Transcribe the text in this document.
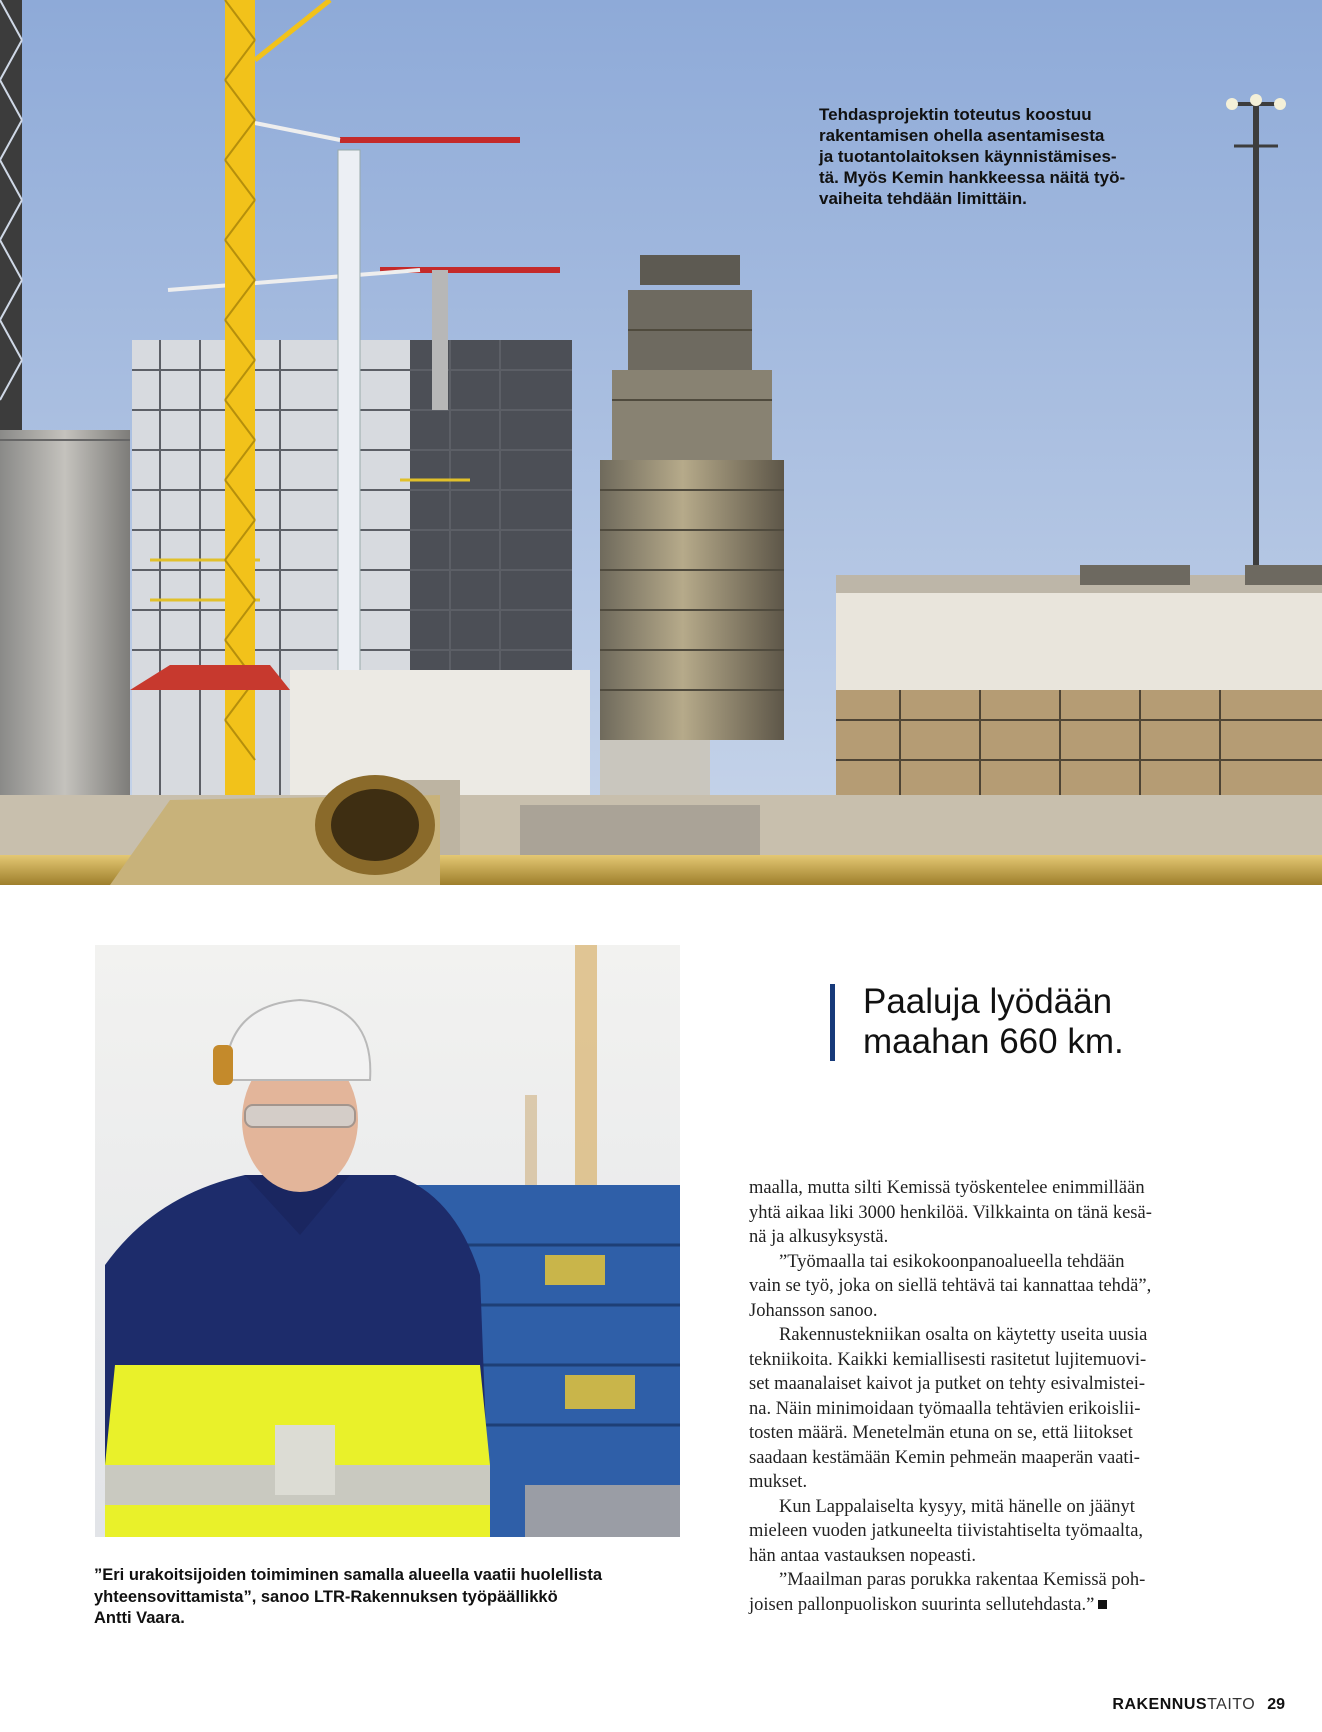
Tehdasprojektin toteutus koostuu
rakentamisen ohella asentamisesta
ja tuotantolaitoksen käynnistämises-
tä. Myös Kemin hankkeessa näitä työ-
vaiheita tehdään limittäin.
”Eri urakoitsijoiden toimiminen samalla alueella vaatii huolellista
yhteensovittamista”, sanoo LTR-Rakennuksen työpäällikkö
Antti Vaara.
Paaluja lyödään
maahan 660 km.

maalla, mutta silti Kemissä työskentelee enimmillään
yhtä aikaa liki 3000 henkilöä. Vilkkainta on tänä kesä-
nä ja alkusyksystä.

”Työmaalla tai esikokoonpanoalueella tehdään
vain se työ, joka on siellä tehtävä tai kannattaa tehdä”,
Johansson sanoo.

Rakennustekniikan osalta on käytetty useita uusia
tekniikoita. Kaikki kemiallisesti rasitetut lujitemuovi-
set maanalaiset kaivot ja putket on tehty esivalmistei-
na. Näin minimoidaan työmaalla tehtävien erikoislii-
tosten määrä. Menetelmän etuna on se, että liitokset
saadaan kestämään Kemin pehmeän maaperän vaati-
mukset.

Kun Lappalaiselta kysyy, mitä hänelle on jäänyt
mieleen vuoden jatkuneelta tiivistahtiselta työmaalta,
hän antaa vastauksen nopeasti.

”Maailman paras porukka rakentaa Kemissä poh-
joisen pallonpuoliskon suurinta sellutehdasta.”

RAKENNUSTAITO 29
